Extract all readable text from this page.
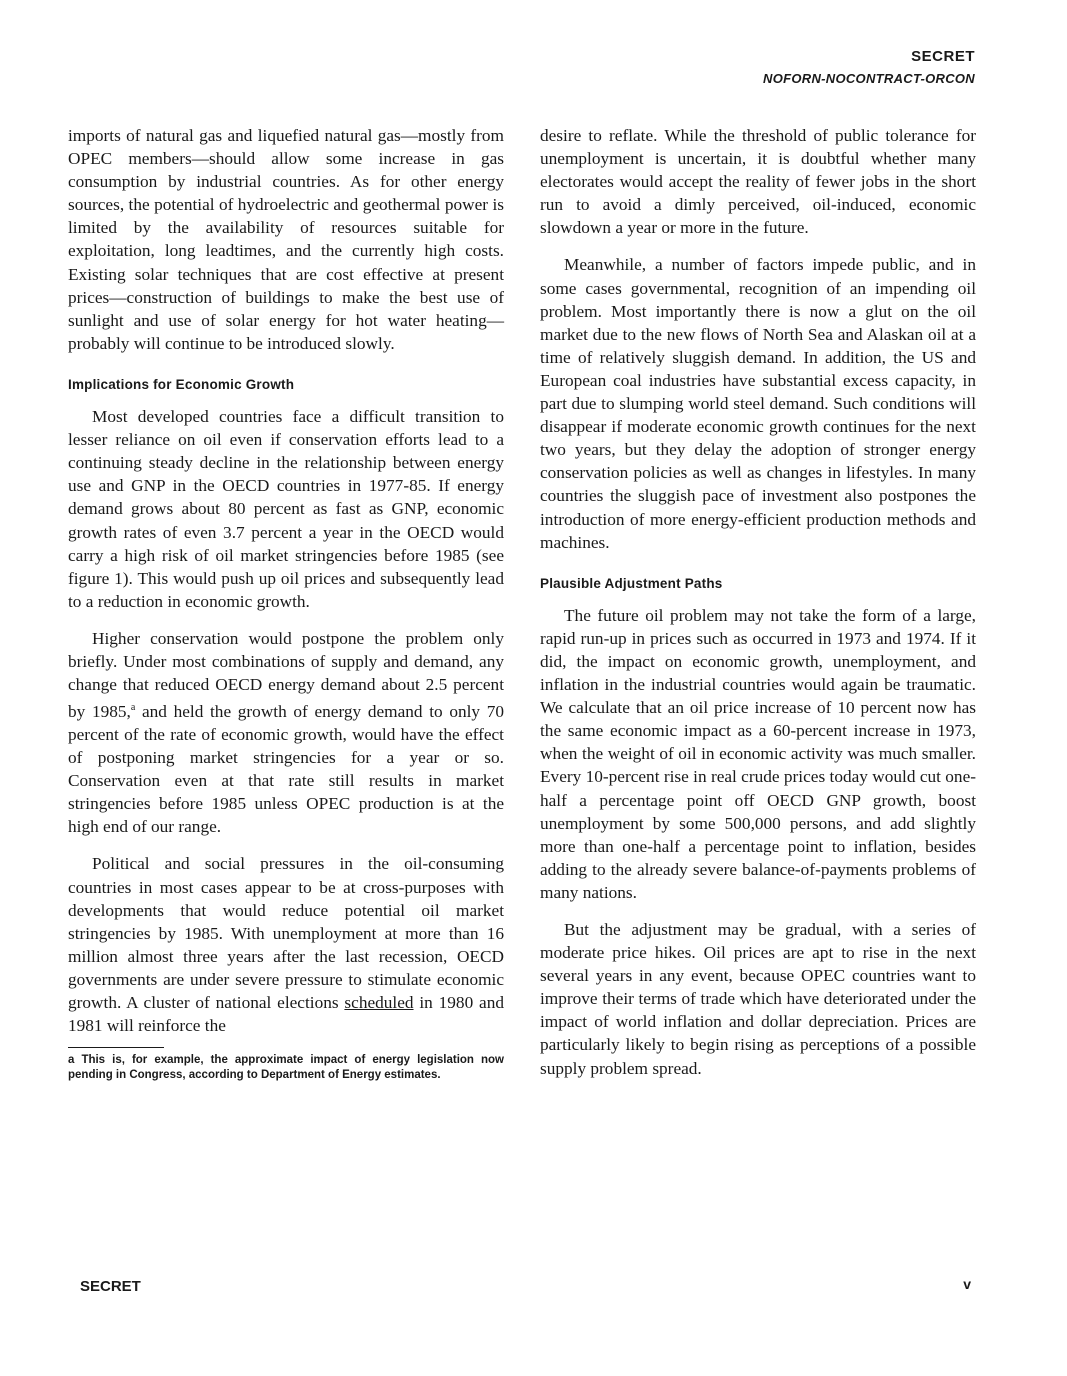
SECRET
NOFORN-NOCONTRACT-ORCON

imports of natural gas and liquefied natural gas—mostly from OPEC members—should allow some increase in gas consumption by industrial countries. As for other energy sources, the potential of hydroelectric and geothermal power is limited by the availability of resources suitable for exploitation, long leadtimes, and the currently high costs. Existing solar techniques that are cost effective at present prices—construction of buildings to make the best use of sunlight and use of solar energy for hot water heating—probably will continue to be introduced slowly.

Implications for Economic Growth

Most developed countries face a difficult transition to lesser reliance on oil even if conservation efforts lead to a continuing steady decline in the relationship between energy use and GNP in the OECD countries in 1977-85. If energy demand grows about 80 percent as fast as GNP, economic growth rates of even 3.7 percent a year in the OECD would carry a high risk of oil market stringencies before 1985 (see figure 1). This would push up oil prices and subsequently lead to a reduction in economic growth.

Higher conservation would postpone the problem only briefly. Under most combinations of supply and demand, any change that reduced OECD energy demand about 2.5 percent by 1985,$^a$ and held the growth of energy demand to only 70 percent of the rate of economic growth, would have the effect of postponing market stringencies for a year or so. Conservation even at that rate still results in market stringencies before 1985 unless OPEC production is at the high end of our range.

Political and social pressures in the oil-consuming countries in most cases appear to be at cross-purposes with developments that would reduce potential oil market stringencies by 1985. With unemployment at more than 16 million almost three years after the last recession, OECD governments are under severe pressure to stimulate economic growth. A cluster of national elections scheduled in 1980 and 1981 will reinforce the

a This is, for example, the approximate impact of energy legislation now pending in Congress, according to Department of Energy estimates.

desire to reflate. While the threshold of public tolerance for unemployment is uncertain, it is doubtful whether many electorates would accept the reality of fewer jobs in the short run to avoid a dimly perceived, oil-induced, economic slowdown a year or more in the future.

Meanwhile, a number of factors impede public, and in some cases governmental, recognition of an impending oil problem. Most importantly there is now a glut on the oil market due to the new flows of North Sea and Alaskan oil at a time of relatively sluggish demand. In addition, the US and European coal industries have substantial excess capacity, in part due to slumping world steel demand. Such conditions will disappear if moderate economic growth continues for the next two years, but they delay the adoption of stronger energy conservation policies as well as changes in lifestyles. In many countries the sluggish pace of investment also postpones the introduction of more energy-efficient production methods and machines.

Plausible Adjustment Paths

The future oil problem may not take the form of a large, rapid run-up in prices such as occurred in 1973 and 1974. If it did, the impact on economic growth, unemployment, and inflation in the industrial countries would again be traumatic. We calculate that an oil price increase of 10 percent now has the same economic impact as a 60-percent increase in 1973, when the weight of oil in economic activity was much smaller. Every 10-percent rise in real crude prices today would cut one-half a percentage point off OECD GNP growth, boost unemployment by some 500,000 persons, and add slightly more than one-half a percentage point to inflation, besides adding to the already severe balance-of-payments problems of many nations.

But the adjustment may be gradual, with a series of moderate price hikes. Oil prices are apt to rise in the next several years in any event, because OPEC countries want to improve their terms of trade which have deteriorated under the impact of world inflation and dollar depreciation. Prices are particularly likely to begin rising as perceptions of a possible supply problem spread.

SECRET	v
